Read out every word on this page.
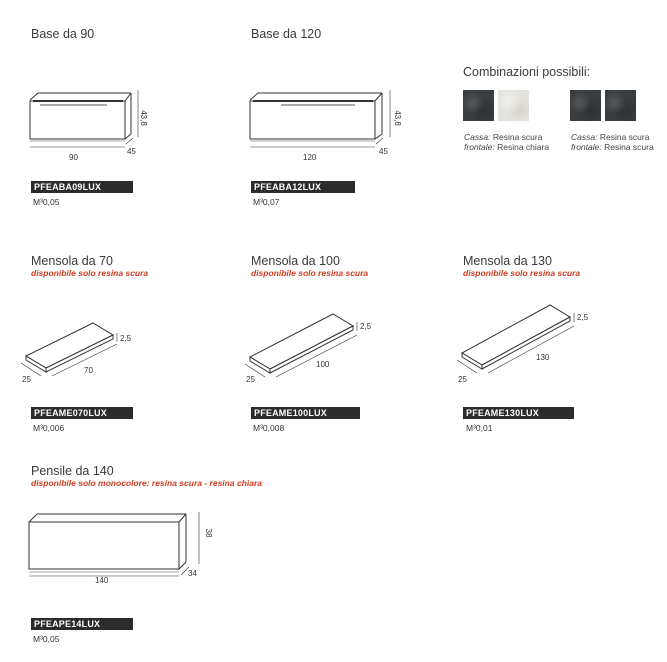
Base da 90
43,8
90
45
PFEABA09LUX
M³0,05
Base da 120
43,8
120
45
PFEABA12LUX
M³0,07
Combinazioni possibili:
Cassa: Resina scura
frontale: Resina chiara
Cassa: Resina scura
frontale: Resina scura
Mensola da 70
disponibile solo resina scura
2,5
70
25
PFEAME070LUX
M³0,006
Mensola da 100
disponibile solo resina scura
2,5
100
25
PFEAME100LUX
M³0,008
Mensola da 130
disponibile solo resina scura
2,5
130
25
PFEAME130LUX
M³0,01
Pensile da 140
disponibile solo monocolore: resina scura - resina chiara
38
140
34
PFEAPE14LUX
M³0,05
